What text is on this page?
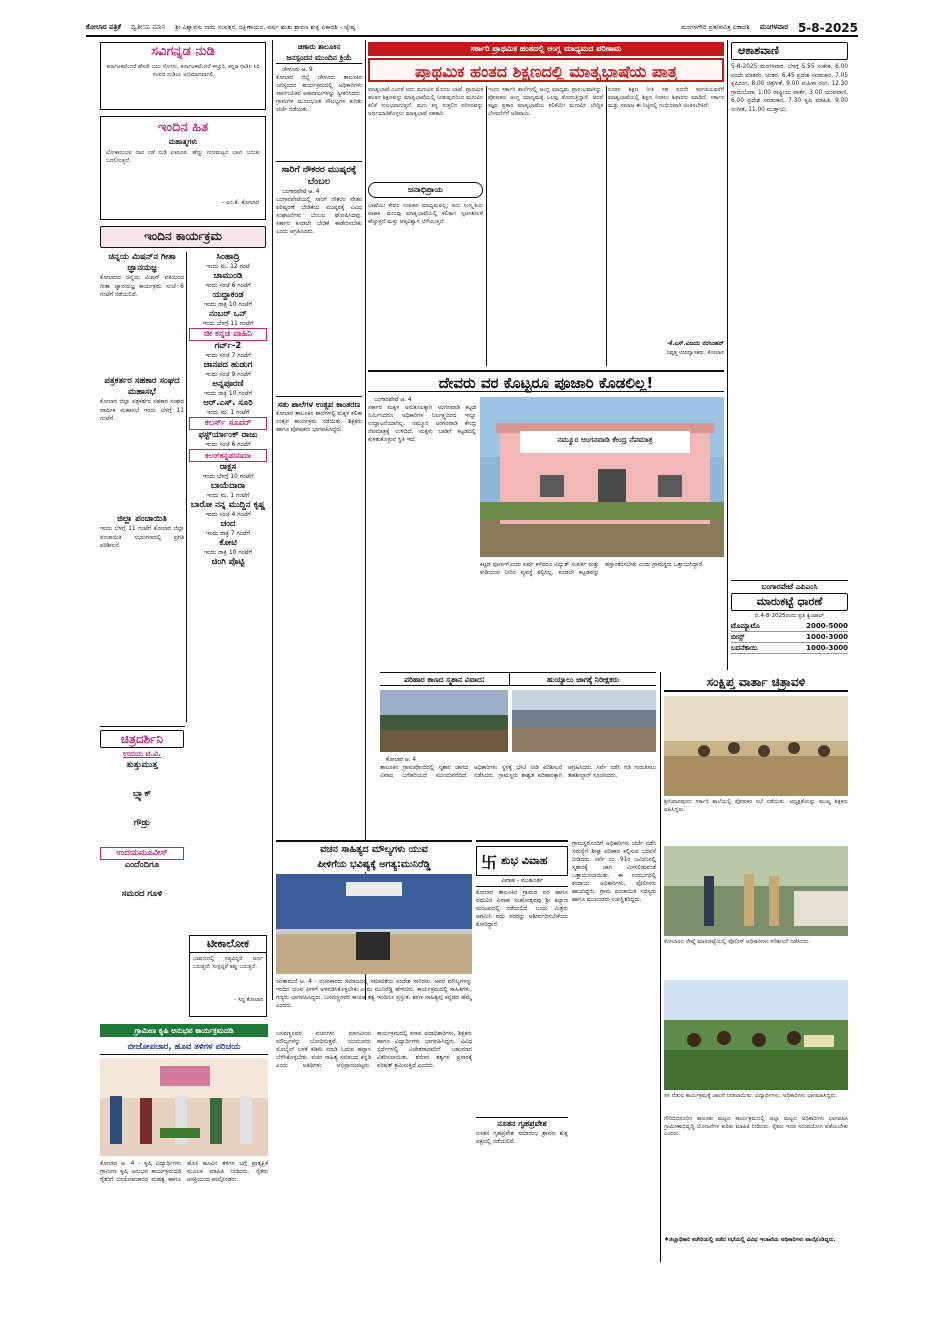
ಕೋಲಾರ ಪತ್ರಿಕೆ ದ್ವಿತೀಯ ಮಾಸ ಶ್ರೀ ವಿಶ್ವಾವಸು ನಾಮ ಸಂವತ್ಸರ, ದಕ್ಷಿಣಾಯನ, ವರ್ಷ ಋತು ಶ್ರಾವಣ ಶುಕ್ಲ ಏಕಾದಶಿ - ಜ್ಯೇಷ್ಠ	ಮಂಗಳಗೌರಿ ವ್ರತ/ಪವಿತ್ರ ಏಕಾದಶಿ ಮಂಗಳವಾರ 5-8-2025
ಸವಿಗನ್ನಡ ನುಡಿ
ಕರ್ನಾಟಕವೆಂದರೆ ಹೆಸರೇ ಬಲು ಸೊಗಸು, ಕರ್ನಾಟಕವೆಂದರೆ ಕಸ್ತೂರಿ, ಕನ್ನಡ ನಾಡಿನ ಸಿರಿ ಸಂಪದ ನುಡಿಯ ಅಭಿಮಾನವಾಗಲಿ
ಇಂದಿನ ಹಿತ
ಮಹಾತ್ಮಗಳು
ಲೋಕಾನುಭವ ದಾನ ನಡೆ ನುಡಿ ಏಕರೂಪ. ಹೆಣ್ಣು ಗುಣಮಟ್ಟದ ಬಾಳು ಬದುಕು ಬದಲಿಸುತ್ತದೆ.
- ಎಂ.ಕೆ. ಕೋಲಾರ
ಇಂದಿನ ಕಾರ್ಯಕ್ರಮ
ಚಿನ್ನಯ ಮಿಷನ್‌ನ ಗೀತಾ ಜ್ಞಾನಯಜ್ಞ
ಕೋಲಾರದ ಚಿನ್ನಯ ಮಿಷನ್ ವತಿಯಿಂದ ಗೀತಾ ಜ್ಞಾನಯಜ್ಞ ಕಾರ್ಯಕ್ರಮ ಸಂಜೆ 6 ಗಂಟೆಗೆ ನಡೆಯಲಿದೆ.
ಪತ್ರಕರ್ತರ ಸಹಕಾರ ಸಂಘದ ಮಹಾಸಭೆ
ಕೋಲಾರ ಜಿಲ್ಲಾ ಪತ್ರಕರ್ತರ ಸಹಕಾರ ಸಂಘದ ವಾರ್ಷಿಕ ಮಹಾಸಭೆ ಇಂದು ಬೆಳಗ್ಗೆ 11 ಗಂಟೆಗೆ.
ಜಿಲ್ಲಾ ಪಂಚಾಯಿತಿ
ಇಂದು ಬೆಳಗ್ಗೆ 11 ಗಂಟೆಗೆ ಕೋಲಾರ ಜಿಲ್ಲಾ ಪಂಚಾಯಿತಿ ಸಭಾಂಗಣದಲ್ಲಿ ಪ್ರಗತಿ ಪರಿಶೀಲನೆ.
ಸಿಂಹಾದ್ರಿ
ಇಂದು ಮ. 12 ಗಂಟೆ
ಚಾಮುಂಡಿ
ಇಂದು ಸಂಜೆ 6 ಗಂಟೆಗೆ
ಯದ್ದಾಕಂಡ
ಇಂದು ರಾತ್ರಿ 10 ಗಂಟೆಗೆ
ನಂಬರ್ ಒನ್
ಇಂದು ಬೆಳಗ್ಗೆ 11 ಗಂಟೆಗೆ
ಜೀ ಕನ್ನಡ ವಾಹಿನಿ
ಗರ್ವ್-2
ಇಂದು ಸಂಜೆ 7 ಗಂಟೆಗೆ
ಜಾನಪದ ಹುಡುಗ
ಇಂದು ಸಂಜೆ 9 ಗಂಟೆಗೆ
ಅನ್ನಪೂರಣಿ
ಇಂದು ರಾತ್ರಿ 10 ಗಂಟೆಗೆ
ಆರ್.ಎಸ್. ಸೂರಿ
ಇಂದು ಮ. 1 ಗಂಟೆಗೆ
ಕಲರ್ಸ್ ಸೂಪರ್
ಫಸ್ಟ್‌ರ್ಯಾಂಕ್ ರಾಜು
ಇಂದು ಸಂಜೆ 6 ಗಂಟೆಗೆ
ಕಲರ್‌ಕನ್ನಡಸಿನಿಮಾ
ರಾಕ್ಷಸ
ಇಂದು ಬೆಳಗ್ಗೆ 10 ಗಂಟೆಗೆ
ಬಾಯೆದಾರಾ
ಇಂದು ಮ. 1 ಗಂಟೆಗೆ
ಬಾರೋ ನನ್ನ ಮುದ್ದಿನ ಕೃಷ್ಣ
ಇಂದು ಸಂಜೆ 4 ಗಂಟೆಗೆ
ಚಂದ
ಇಂದು ರಾತ್ರಿ 7 ಗಂಟೆಗೆ
ಕೋಟಿ
ಇಂದು ರಾತ್ರಿ 10 ಗಂಟೆಗೆ
ಚಿಂಗಿ ಪೊಟ್ಟಿ
ಚಿತ್ರದರ್ಶಿನಿ
ಉದಯ ಟಿ.ವಿ.
ತುತ್ತುಮುತ್ತ
ಬ್ಲ್ಯಾಕ್
ಗೌಡ್ರು
ಉದಯಮೂವೀಸ್
ಎಂದೆಂದಿಗೂ
ಸಮರದ ಗೂಳಿ
ಟೀಕಾಲೋಕ
ಭಾಷಣದಲ್ಲಿ ಸತ್ಯವಿದ್ದರೆ ಅರ್ಥ ಬರುತ್ತದೆ; ಸುಳ್ಳಿದ್ದರೆ ತಪ್ಪು ಬರುತ್ತದೆ.
- ಸಿದ್ಧ ಕೋಲಾರ
ಚಿಣಾರು ತಾಲೂಕಿನ
ಜನಸ್ಪಂದನ ಮುಂದಿನ ಕ್ರಿಯೆ
ಚೇಳೂರು ಆ. 9
ಕೋಲಾರ ಜಿಲ್ಲೆ ಚೇಳೂರು ತಾಲೂಕಿನ ಜನಸ್ಪಂದನ ಕಾರ್ಯಕ್ರಮದಲ್ಲಿ ಅಧಿಕಾರಿಗಳು ಸಾರ್ವಜನಿಕರ ಅಹವಾಲುಗಳನ್ನು ಸ್ವೀಕರಿಸಿದರು. ಗ್ರಾಮಗಳ ಮೂಲಭೂತ ಸೌಲಭ್ಯಗಳ ಕುರಿತು ಚರ್ಚೆ ನಡೆಯಿತು.
ಸಾರಿಗೆ ನೌಕರರ ಮುಷ್ಕರಕ್ಕೆ ಬೆಂಬಲ
ಬಂಗಾರಪೇಟೆ ಆ. 4
ಬಂಗಾರಪೇಟೆಯಲ್ಲಿ ಸಾರಿಗೆ ನೌಕರರ ವೇತನ ಪರಿಷ್ಕರಣೆ ಬೇಡಿಕೆಯ ಮುಷ್ಕರಕ್ಕೆ ವಿವಿಧ ಸಂಘಟನೆಗಳು ಬೆಂಬಲ ಘೋಷಿಸಿದವು. ಸರ್ಕಾರ ಕೂಡಲೇ ಬೇಡಿಕೆ ಈಡೇರಿಸಬೇಕು ಎಂದು ಆಗ್ರಹಿಸಿದರು.
ಸತು ಶಾಲೆಗಳ ಉತ್ಸವ ಕಾಂತರಣ
ಕೋಲಾರ ತಾಲೂಕಿನ ಶಾಲೆಗಳಲ್ಲಿ ಮಕ್ಕಳ ಕಲಿಕಾ ಉತ್ಸವ ಕಾರ್ಯಕ್ರಮ ನಡೆಯಿತು. ಶಿಕ್ಷಕರು ಹಾಗೂ ಪೋಷಕರು ಭಾಗವಹಿಸಿದ್ದರು.
ಸರ್ಕಾರಿ ಪ್ರಾಥಮಿಕ ಹಂತದಲ್ಲಿ ಆಂಗ್ಲ ಮಾಧ್ಯಮದ ಪರಿಣಾಮ
ಪ್ರಾಥಮಿಕ ಹಂತದ ಶಿಕ್ಷಣದಲ್ಲಿ ಮಾತೃಭಾಷೆಯ ಪಾತ್ರ
ಮಾತೃಭಾಷೆ ಎಂದರೆ ಅದು ಮಗುವಿನ ಮೊದಲ ಭಾಷೆ. ಪ್ರಾಥಮಿಕ ಹಂತದ ಶಿಕ್ಷಣವನ್ನು ಮಾತೃಭಾಷೆಯಲ್ಲಿ ನೀಡುವುದರಿಂದ ಮಗುವಿನ ಕಲಿಕೆ ಸುಲಭವಾಗುತ್ತದೆ. ಮಗು ತನ್ನ ಸುತ್ತಲಿನ ಪರಿಸರವನ್ನು ಅರ್ಥಮಾಡಿಕೊಳ್ಳಲು ಮಾತೃಭಾಷೆ ಸಹಕಾರಿ.
ಜನಾಭಿಪ್ರಾಯ
ಭಾಷೆಯು ಕೇವಲ ಸಂವಹನ ಮಾಧ್ಯಮವಲ್ಲ; ಅದು ಸಂಸ್ಕೃತಿಯ ವಾಹಕ. ಮಗುವು ಮಾತೃಭಾಷೆಯಲ್ಲಿ ಕಲಿತಾಗ ಸೃಜನಶೀಲತೆ ಹೆಚ್ಚುತ್ತದೆ ಮತ್ತು ಆತ್ಮವಿಶ್ವಾಸ ಬೆಳೆಯುತ್ತದೆ.
ಇಂದು ಸರ್ಕಾರಿ ಶಾಲೆಗಳಲ್ಲಿ ಆಂಗ್ಲ ಮಾಧ್ಯಮ ಪ್ರಾರಂಭವಾಗಿದ್ದು, ಪೋಷಕರು ಆಂಗ್ಲ ಮಾಧ್ಯಮಕ್ಕೆ ಒಲವು ತೋರುತ್ತಿದ್ದಾರೆ. ಆದರೆ ತಜ್ಞರ ಪ್ರಕಾರ ಮಾತೃಭಾಷೆಯ ಕಲಿಕೆಯೇ ಮಗುವಿನ ಬೌದ್ಧಿಕ ಬೆಳವಣಿಗೆಗೆ ಅಡಿಪಾಯ.
ನೂತನ ಶಿಕ್ಷಣ ನೀತಿ ಸಹ ಐದನೇ ತರಗತಿಯವರೆಗೆ ಮಾತೃಭಾಷೆಯಲ್ಲಿ ಶಿಕ್ಷಣ ನೀಡಲು ಶಿಫಾರಸು ಮಾಡಿದೆ. ಸರ್ಕಾರ ಮತ್ತು ಸಮಾಜ ಈ ನಿಟ್ಟಿನಲ್ಲಿ ಗಂಭೀರವಾಗಿ ಚಿಂತಿಸಬೇಕಿದೆ.
-ಕೆ.ಎಸ್.ವಿಜಯ ನರಸಿಂಹನ್
ನಿವೃತ್ತ ಉಪನ್ಯಾಸಕರು, ಕೋಲಾರ
ದೇವರು ವರ ಕೊಟ್ಟರೂ ಪೂಜಾರಿ ಕೊಡಲಿಲ್ಲ!
ಬಂಗಾರಪೇಟೆ ಆ. 4
ಸರ್ಕಾರ ಮಕ್ಕಳ ಅನುಕೂಲಕ್ಕಾಗಿ ಅಂಗನವಾಡಿ ಕಟ್ಟಡ ನಿರ್ಮಿಸಿದರೂ ಅಧಿಕಾರಿಗಳ ನಿರ್ಲಕ್ಷ್ಯದಿಂದ ಇನ್ನೂ ಉದ್ಘಾಟನೆಯಾಗಿಲ್ಲ. ನಮ್ಮೂರ ಅಂಗನವಾಡಿ ಕೇಂದ್ರ ನೆಪಮಾತ್ರಕ್ಕೆ ಉಳಿದಿದೆ. ಮಕ್ಕಳು ಬಾಡಿಗೆ ಕಟ್ಟಡದಲ್ಲಿ ಕುಳಿತುಕೊಳ್ಳುವ ಸ್ಥಿತಿ ಇದೆ.	ನಮ್ಮೂರ ಅಂಗನವಾಡಿ ಕೇಂದ್ರ ನೆಪಮಾತ್ರ
ಕಟ್ಟಡ ಪೂರ್ಣಗೊಂಡು ವರ್ಷ ಕಳೆದರೂ ವಿದ್ಯುತ್ ಸಂಪರ್ಕ ಮತ್ತು ಕುಡಿಯುವ ನೀರಿನ ವ್ಯವಸ್ಥೆ ಕಲ್ಪಿಸಿಲ್ಲ. ಕೂಡಲೇ ಕಟ್ಟಡವನ್ನು ಹಸ್ತಾಂತರಿಸಬೇಕು ಎಂದು ಗ್ರಾಮಸ್ಥರು ಒತ್ತಾಯಿಸಿದ್ದಾರೆ.
ಆಕಾಶವಾಣಿ
5-8-2025 ಮಂಗಳವಾರ. ಬೆಳಗ್ಗೆ 5.55 ಸಂಕೇತ, 6.00 ವಂದೇ ಮಾತರಂ, ಚಿಂತನ, 6.45 ಪ್ರದೇಶ ಸಮಾಚಾರ, 7.05 ಕೃಷಿರಂಗ, 8.00 ಚಿತ್ರಗೀತೆ, 9.00 ಮಹಿಳಾ ರಂಗ, 12.30 ಗ್ರಾಮಲೋಕ, 1.00 ರಾಷ್ಟ್ರೀಯ ವಾರ್ತೆ, 3.00 ಯುವವಾಣಿ, 6.00 ಪ್ರದೇಶ ಸಮಾಚಾರ, 7.30 ಕೃಷಿ ಮಾಹಿತಿ, 9.00 ಸಂಗೀತ, 11.00 ಮುಕ್ತಾಯ.
ಬಂಗಾರಪೇಟೆ ಎಪಿಎಂಸಿ
ಮಾರುಕಟ್ಟೆ ಧಾರಣೆ
ದಿ.4-8-2025ರಂದು ಪ್ರತಿ ಕ್ವಿಂಟಾಲ್
ಟೊಮ್ಯಾಟೊ	2000-5000
ಬೀನ್ಸ್	1000-3000
ಬದನೆಕಾಯಿ	1000-3000
ಸಂಕ್ಷಿಪ್ತ ವಾರ್ತಾ ಚಿತ್ರಾವಳಿ
ಶ್ರೀನಿವಾಸಪುರದ ಸರ್ಕಾರಿ ಶಾಲೆಯಲ್ಲಿ ಪೋಷಕರ ಸಭೆ ನಡೆಯಿತು. ಅಧ್ಯಕ್ಷತೆಯನ್ನು ಮುಖ್ಯ ಶಿಕ್ಷಕರು ವಹಿಸಿದ್ದರು.
ಕೋಲಾರದ ರೇಷ್ಮೆ ಮಾರುಕಟ್ಟೆಯಲ್ಲಿ ಪೊಲೀಸ್ ಅಧಿಕಾರಿಗಳು ಪರಿಶೀಲನೆ ನಡೆಸಿದರು.
ಸಸಿ ನೆಡುವ ಕಾರ್ಯಕ್ರಮಕ್ಕೆ ಚಾಲನೆ ನೀಡಲಾಯಿತು. ವಿದ್ಯಾರ್ಥಿಗಳು, ಅಧಿಕಾರಿಗಳು ಭಾಗವಹಿಸಿದ್ದರು.
ಗೌರಿಬಿದನೂರಿನ ತಾಲೂಕು ಮಟ್ಟದ ಕಾರ್ಯಕ್ರಮದಲ್ಲಿ ಜಿಲ್ಲಾ ಮಟ್ಟದ ಅಧಿಕಾರಿಗಳು ಭಾಗವಹಿಸಿ ಗ್ರಾಮೀಣಾಭಿವೃದ್ಧಿ ಯೋಜನೆಗಳ ಕುರಿತು ಮಾಹಿತಿ ನೀಡಿದರು. ರೈತರು ಇದರ ಸದುಪಯೋಗ ಪಡೆಯಬೇಕು ಎಂದರು.
♦ಜಿಲ್ಲಾಧಿಕಾರಿ ಕಚೇರಿಯಲ್ಲಿ ನಡೆದ ಸಭೆಯಲ್ಲಿ ವಿವಿಧ ಇಲಾಖೆಯ ಅಧಿಕಾರಿಗಳು ಪಾಲ್ಗೊಂಡಿದ್ದರು.
ಪರಿಹಾರ ಕಾಣದ ಸ್ಮಶಾನ ವಿವಾದ:	ಹುಯ್ಯಾಲು ಜಾಗಕ್ಕೆ ನಿರೀಕ್ಷಕರು
ಕೋಲಾರ ಆ. 4
ತಾಲೂಕಿನ ಗ್ರಾಮವೊಂದರಲ್ಲಿ ಸ್ಮಶಾನ ಜಾಗದ ವಿವಾದ ಬಗೆಹರಿಯದೆ ಮುಂದುವರೆದಿದೆ. ಅಧಿಕಾರಿಗಳು ಸ್ಥಳಕ್ಕೆ ಭೇಟಿ ನೀಡಿ ಪರಿಶೀಲನೆ ನಡೆಸಿದರು. ಗ್ರಾಮಸ್ಥರು ಶಾಶ್ವತ ಪರಿಹಾರಕ್ಕಾಗಿ ಆಗ್ರಹಿಸಿದರು. ಸರ್ವೆ ನಡೆಸಿ ಗಡಿ ಗುರುತಿಸಲು ತಹಶೀಲ್ದಾರ್ ಸೂಚಿಸಿದರು.
ವಚನ ಸಾಹಿತ್ಯದ ಮೌಲ್ಯಗಳು ಯುವ
ಪೀಳಿಗೆಯ ಭವಿಷ್ಯಕ್ಕೆ ಅಗತ್ಯ:ಮುನಿರೆಡ್ಡಿ
ಚಿಂತಾಮಣಿ ಆ. 4 - ವಚನಕಾರರು ಸಮಾಜದಲ್ಲಿ ಸಮಾನತೆಯ ಸಂದೇಶ ಸಾರಿದರು. ಅವರ ಮೌಲ್ಯಗಳನ್ನು ಇಂದಿನ ಯುವ ಪೀಳಿಗೆ ಅಳವಡಿಸಿಕೊಳ್ಳಬೇಕು ಎಂದು ಮುನಿರೆಡ್ಡಿ ಹೇಳಿದರು. ಕಾರ್ಯಕ್ರಮದಲ್ಲಿ ಸಾಹಿತಿಗಳು, ಗಣ್ಯರು ಭಾಗವಹಿಸಿದ್ದರು. ಬಸವಣ್ಣನವರ ಕಾಯಕ ತತ್ವ ಇಂದಿಗೂ ಪ್ರಸ್ತುತ. ಶರಣ ಸಾಹಿತ್ಯವು ಕನ್ನಡದ ಹೆಮ್ಮೆ ಎಂದರು.
卐 ಶುಭ ವಿವಾಹ
ವಿವಾಹ - ಮುಹೂರ್ತ
ಕೋಲಾರ ತಾಲೂಕಿನ ಗ್ರಾಮದ ವರ ಹಾಗೂ ವಧುವಿನ ವಿವಾಹ ಮಹೋತ್ಸವವು ಶ್ರೀ ಕಲ್ಯಾಣ ಮಂಟಪದಲ್ಲಿ ನಡೆಯಲಿದೆ. ಬಂಧು ಮಿತ್ರರು ಆಗಮಿಸಿ ವಧು ವರರನ್ನು ಆಶೀರ್ವದಿಸಬೇಕೆಂದು ಕೋರಿದ್ದಾರೆ.
ನೂತನ ಗೃಹಪ್ರವೇಶ
ನೂತನ ಗೃಹಪ್ರವೇಶ ಸಮಾರಂಭ ಶ್ರಾವಣ ಶುಕ್ಲ ಪಕ್ಷದಲ್ಲಿ ನಡೆಯಲಿದೆ.
ಗ್ರಾಮಸ್ಥರೊಂದಿಗೆ ಅಧಿಕಾರಿಗಳು ಚರ್ಚೆ ನಡೆಸಿ ಸಮಸ್ಯೆಗೆ ಶೀಘ್ರ ಪರಿಹಾರ ಕಲ್ಪಿಸುವ ಭರವಸೆ ನೀಡಿದರು. ಸರ್ವೆ ನಂ. 91ರ ಜಮೀನಿನಲ್ಲಿ ಸ್ಮಶಾನಕ್ಕೆ ಜಾಗ ಮೀಸಲಿಡುವಂತೆ ಒತ್ತಾಯಿಸಲಾಯಿತು. ಈ ಸಂದರ್ಭದಲ್ಲಿ ಕಂದಾಯ ಅಧಿಕಾರಿಗಳು, ಪೊಲೀಸರು ಹಾಜರಿದ್ದರು. ಗ್ರಾಮ ಪಂಚಾಯಿತಿ ಸದಸ್ಯರು ಹಾಗೂ ಮುಖಂಡರು ಉಪಸ್ಥಿತರಿದ್ದರು.
ಗ್ರಾಮೀಣ ಕೃಷಿ ಅನುಭವ ಕಾರ್ಯಕ್ರಮದಡಿ
ಬೀಜೋಪಚಾರ, ಹೂವ ತಳಿಗಳ ಪರಿಚಯ
ಕೋಲಾರ ಆ. 4 - ಕೃಷಿ ವಿದ್ಯಾರ್ಥಿಗಳು ಗ್ರಾಮೀಣ ಕೃಷಿ ಅನುಭವ ಕಾರ್ಯಕ್ರಮದಡಿ ರೈತರಿಗೆ ಬೀಜೋಪಚಾರದ ಮಹತ್ವ ಹಾಗೂ ಹೊಸ ಹೂವಿನ ತಳಿಗಳ ಬಗ್ಗೆ ಪ್ರಾತ್ಯಕ್ಷಿಕೆ ಮೂಲಕ ಮಾಹಿತಿ ನೀಡಿದರು. ರೈತರು ಆಸಕ್ತಿಯಿಂದ ಪಾಲ್ಗೊಂಡರು.
ಬಸವಣ್ಣನವರ ವಚನಗಳು ಮಾನವೀಯ ಮೌಲ್ಯಗಳನ್ನು ಬೋಧಿಸುತ್ತವೆ. ಯುವಜನರು ಮೊಬೈಲ್ ಬಳಕೆ ಕಡಿಮೆ ಮಾಡಿ ಓದುವ ಹವ್ಯಾಸ ಬೆಳೆಸಿಕೊಳ್ಳಬೇಕು. ವಚನ ಸಾಹಿತ್ಯ ಸಮಾಜದ ಕನ್ನಡಿ ಎಂದು ಅತಿಥಿಗಳು ಅಭಿಪ್ರಾಯಪಟ್ಟರು. ಕಾರ್ಯಕ್ರಮದಲ್ಲಿ ಕಸಾಪ ಪದಾಧಿಕಾರಿಗಳು, ಶಿಕ್ಷಕರು ಹಾಗೂ ವಿದ್ಯಾರ್ಥಿಗಳು ಭಾಗವಹಿಸಿದ್ದರು. ವಿವಿಧ ಸ್ಪರ್ಧೆಗಳಲ್ಲಿ ವಿಜೇತರಾದವರಿಗೆ ಬಹುಮಾನ ವಿತರಿಸಲಾಯಿತು. ಶರಣರ ತತ್ವಗಳ ಪ್ರಸಾರಕ್ಕೆ ಪರಿಷತ್ ಶ್ರಮಿಸುತ್ತಿದೆ ಎಂದರು.
